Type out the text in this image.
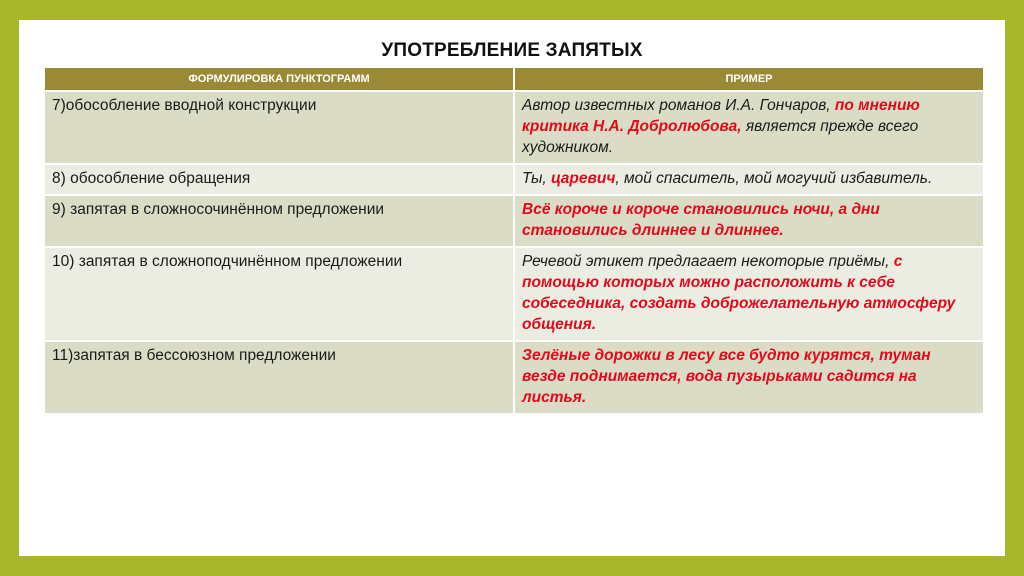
УПОТРЕБЛЕНИЕ ЗАПЯТЫХ
ФОРМУЛИРОВКА ПУНКТОГРАММ	ПРИМЕР
7)обособление вводной конструкции	Автор известных романов И.А. Гончаров, по мнению критика Н.А. Добролюбова, является прежде всего художником.
8) обособление обращения	Ты, царевич, мой спаситель, мой могучий избавитель.
9) запятая в сложносочинённом предложении	Всё короче и короче становились ночи, а дни становились длиннее и длиннее.
10) запятая в сложноподчинённом предложении	Речевой этикет предлагает некоторые приёмы, с помощью которых можно расположить к себе собеседника, создать доброжелательную атмосферу общения.
11)запятая в бессоюзном предложении	Зелёные дорожки в лесу все будто курятся, туман везде поднимается, вода пузырьками садится на листья.
